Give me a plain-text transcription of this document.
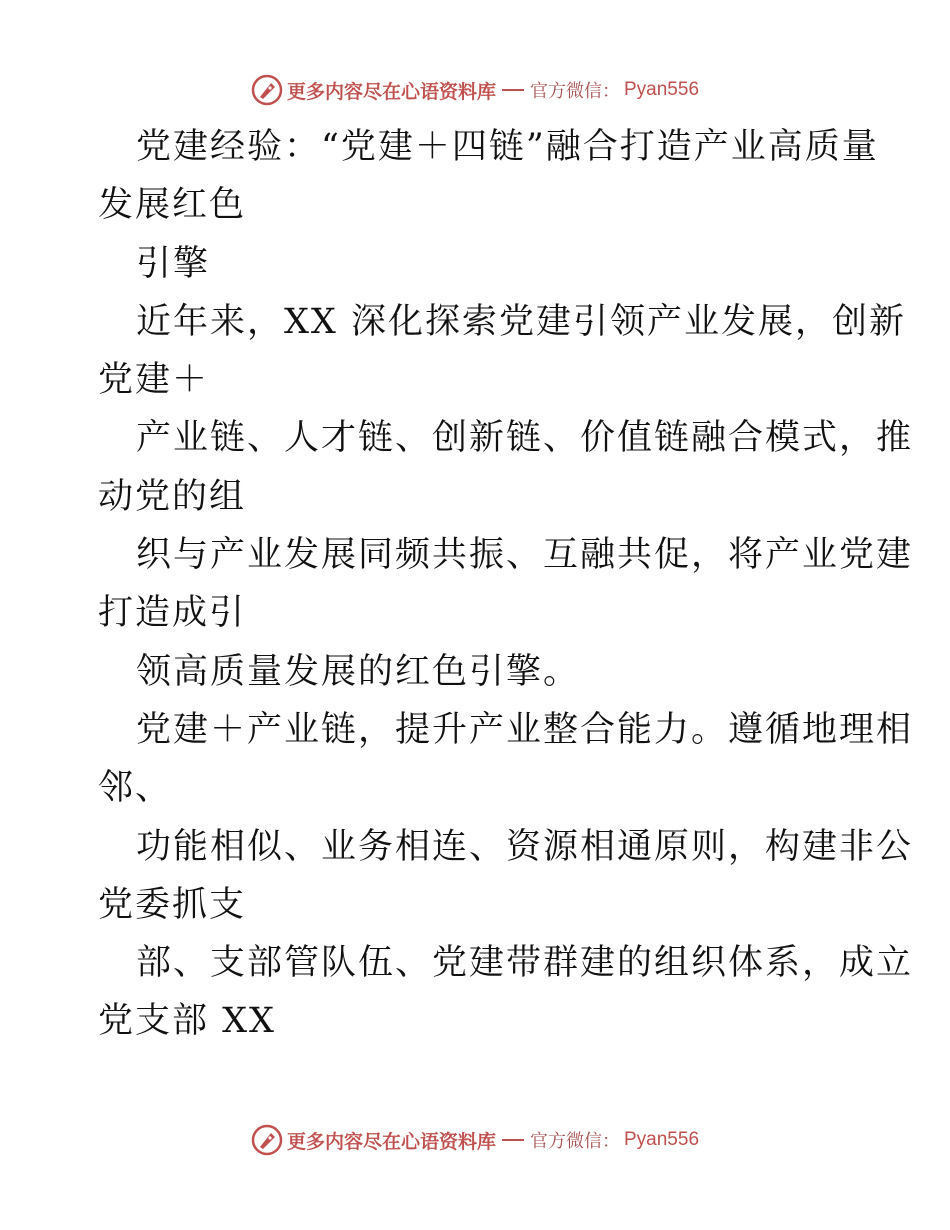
更多内容尽在心语资料库 官方微信： Pyan556
党建经验：“党建＋四链”融合打造产业高质量
发展红色
引擎
近年来，XX 深化探索党建引领产业发展，创新
党建＋
产业链、人才链、创新链、价值链融合模式，推
动党的组
织与产业发展同频共振、互融共促，将产业党建
打造成引
领高质量发展的红色引擎。
党建＋产业链，提升产业整合能力。遵循地理相
邻、
功能相似、业务相连、资源相通原则，构建非公
党委抓支
部、支部管队伍、党建带群建的组织体系，成立
党支部 XX
更多内容尽在心语资料库 官方微信： Pyan556
